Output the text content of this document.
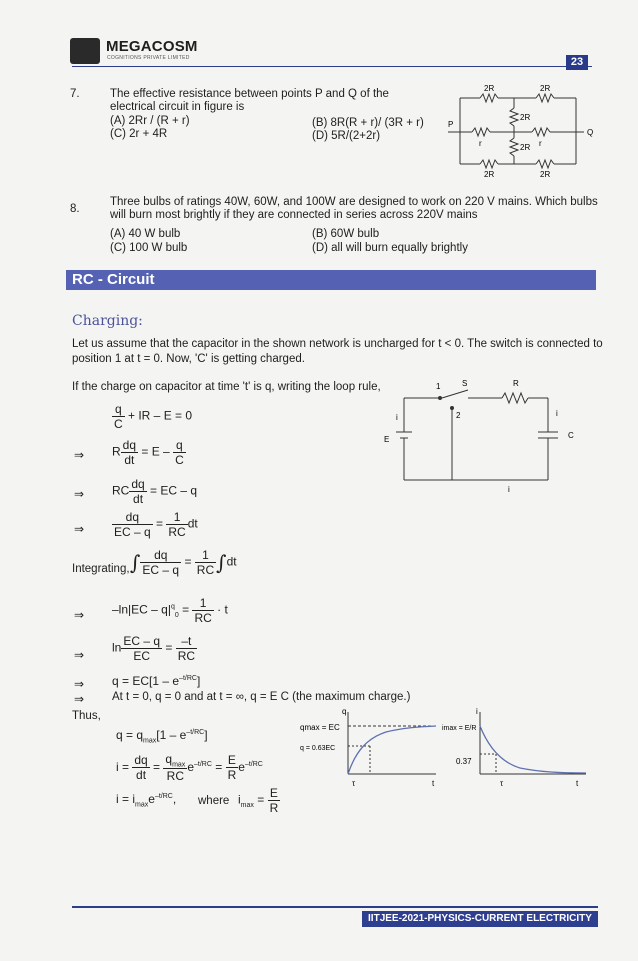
MEGACOSM
COGNITIONS PRIVATE LIMITED	23
7.	The effective resistance between points P and Q of the
electrical circuit in figure is
(A) 2Rr / (R + r)	(B) 8R(R + r)/ (3R + r)
(C) 2r + 4R	(D) 5R/(2+2r)
2R	2R
2R
2R
2R	2R
r	r
P
Q
8.
Three bulbs of ratings 40W, 60W, and 100W are designed to work on 220 V mains. Which bulbs
will burn most brightly if they are connected in series across 220V mains
(A) 40 W bulb	(B) 60W bulb
(C) 100 W bulb	(D) all will burn equally brightly
RC - Circuit
Charging:
Let us assume that the capacitor in the shown network is uncharged for t < 0. The switch is connected to
position 1 at t = 0. Now, 'C' is getting charged.
If the charge on capacitor at time 't' is q, writing the loop rule,
$\frac{q}{C}$ + IR – E = 0
⇒ R $\frac{dq}{dt} = E - \frac{q}{C}$
⇒ RC $\frac{dq}{dt}$ = EC – q
⇒ $\frac{dq}{EC - q} = \frac{1}{RC}$ dt
Integrating, ∫ $\frac{dq}{EC - q} = \frac{1}{RC} \int dt$
⇒ $-\ln|EC - q|^q_0 = \frac{1}{RC} \cdot t$
⇒
$\ln \frac{EC - q}{EC} = \frac{-t}{RC}$
⇒ $q = EC[1 - e^{-t/RC}]$
⇒ At t = 0, q = 0 and at t = ∞, q = E C (the maximum charge.)
Thus,
$q = q_{max}[1 - e^{-t/RC}]$
$i = \frac{dq}{dt} = \frac{q_{max}}{RC} e^{-t/RC} = \frac{E}{R} e^{-t/RC}$
$i = i_{max}e^{-t/RC}$, where $i_{max} = \frac{E}{R}$
1
2
S	R
E	C
i	i
i
q
qmax = EC
q = 0.63EC
τ	t
i
imax = E/R
0.37
τ	t
IITJEE-2021-PHYSICS-CURRENT ELECTRICITY
